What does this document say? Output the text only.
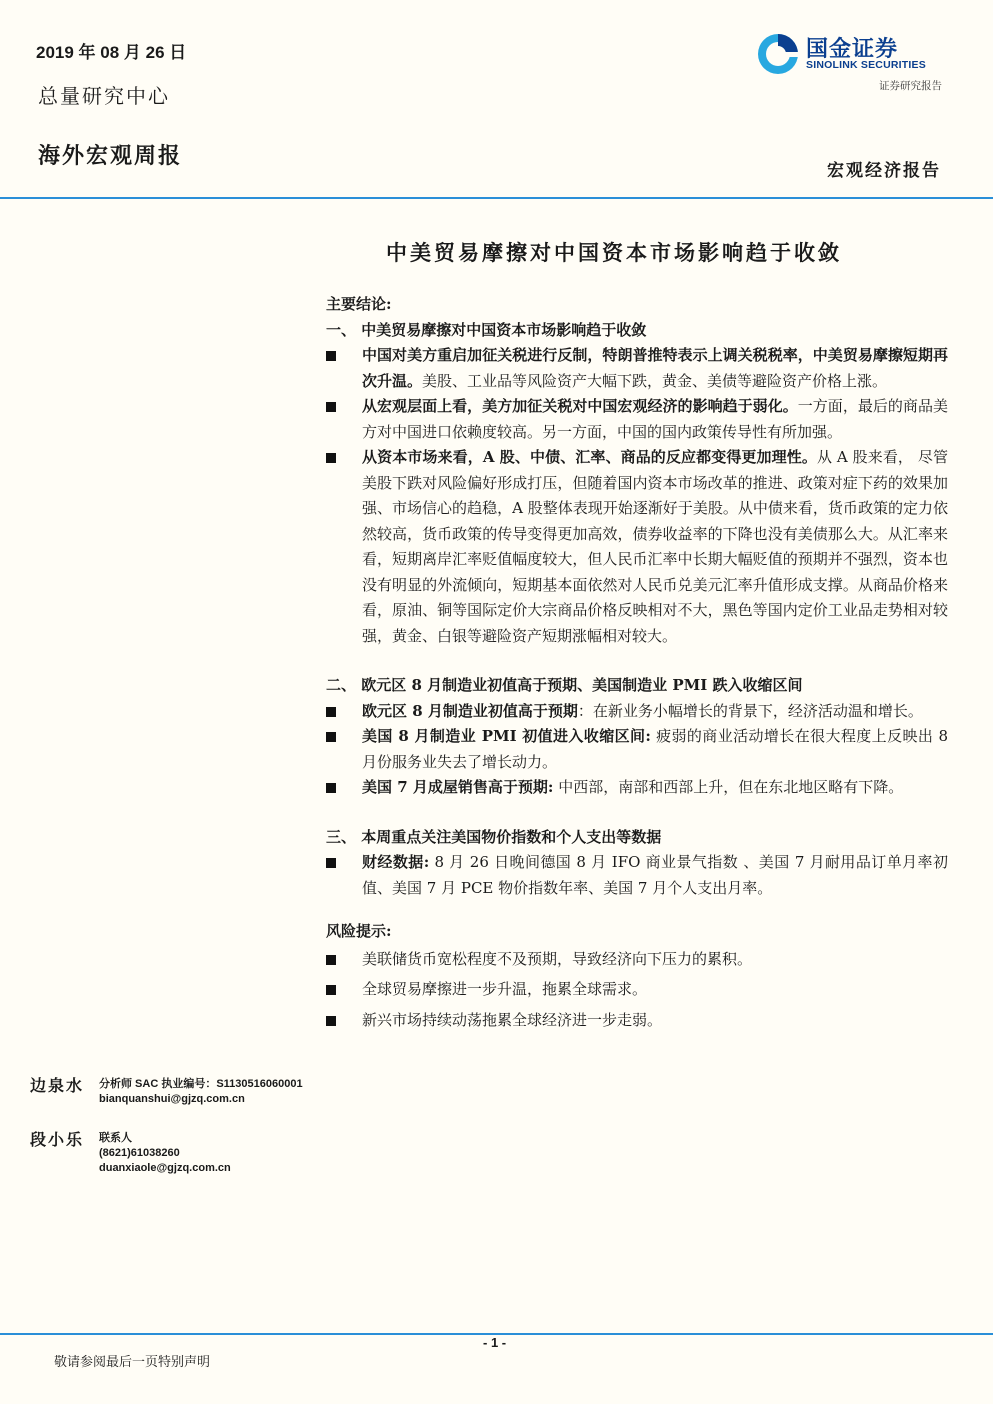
2019 年 08 月 26 日
总量研究中心
海外宏观周报
国金证券
SINOLINK SECURITIES
证券研究报告
宏观经济报告
中美贸易摩擦对中国资本市场影响趋于收敛

主要结论:

一、 中美贸易摩擦对中国资本市场影响趋于收敛

中国对美方重启加征关税进行反制，特朗普推特表示上调关税税率，中美贸易摩擦短期再次升温。美股、工业品等风险资产大幅下跌，黄金、美债等避险资产价格上涨。
从宏观层面上看，美方加征关税对中国宏观经济的影响趋于弱化。一方面，最后的商品美方对中国进口依赖度较高。另一方面，中国的国内政策传导性有所加强。
从资本市场来看，A 股、中债、汇率、商品的反应都变得更加理性。从 A 股来看， 尽管美股下跌对风险偏好形成打压，但随着国内资本市场改革的推进、政策对症下药的效果加强、市场信心的趋稳，A 股整体表现开始逐渐好于美股。从中债来看，货币政策的定力依然较高，货币政策的传导变得更加高效，债券收益率的下降也没有美债那么大。从汇率来看，短期离岸汇率贬值幅度较大，但人民币汇率中长期大幅贬值的预期并不强烈，资本也没有明显的外流倾向，短期基本面依然对人民币兑美元汇率升值形成支撑。从商品价格来看，原油、铜等国际定价大宗商品价格反映相对不大，黑色等国内定价工业品走势相对较强，黄金、白银等避险资产短期涨幅相对较大。

二、 欧元区 8 月制造业初值高于预期、美国制造业 PMI 跌入收缩区间

欧元区 8 月制造业初值高于预期：在新业务小幅增长的背景下，经济活动温和增长。
美国 8 月制造业 PMI 初值进入收缩区间: 疲弱的商业活动增长在很大程度上反映出 8 月份服务业失去了增长动力。
美国 7 月成屋销售高于预期: 中西部，南部和西部上升，但在东北地区略有下降。

三、 本周重点关注美国物价指数和个人支出等数据

财经数据: 8 月 26 日晚间德国 8 月 IFO 商业景气指数 、美国 7 月耐用品订单月率初值、美国 7 月 PCE 物价指数年率、美国 7 月个人支出月率。

风险提示:

美联储货币宽松程度不及预期，导致经济向下压力的累积。
全球贸易摩擦进一步升温，拖累全球需求。
新兴市场持续动荡拖累全球经济进一步走弱。
边泉水 分析师 SAC 执业编号：S1130516060001
bianquanshui@gjzq.com.cn
段小乐 联系人
(8621)61038260
duanxiaole@gjzq.com.cn
- 1 -
敬请参阅最后一页特别声明
